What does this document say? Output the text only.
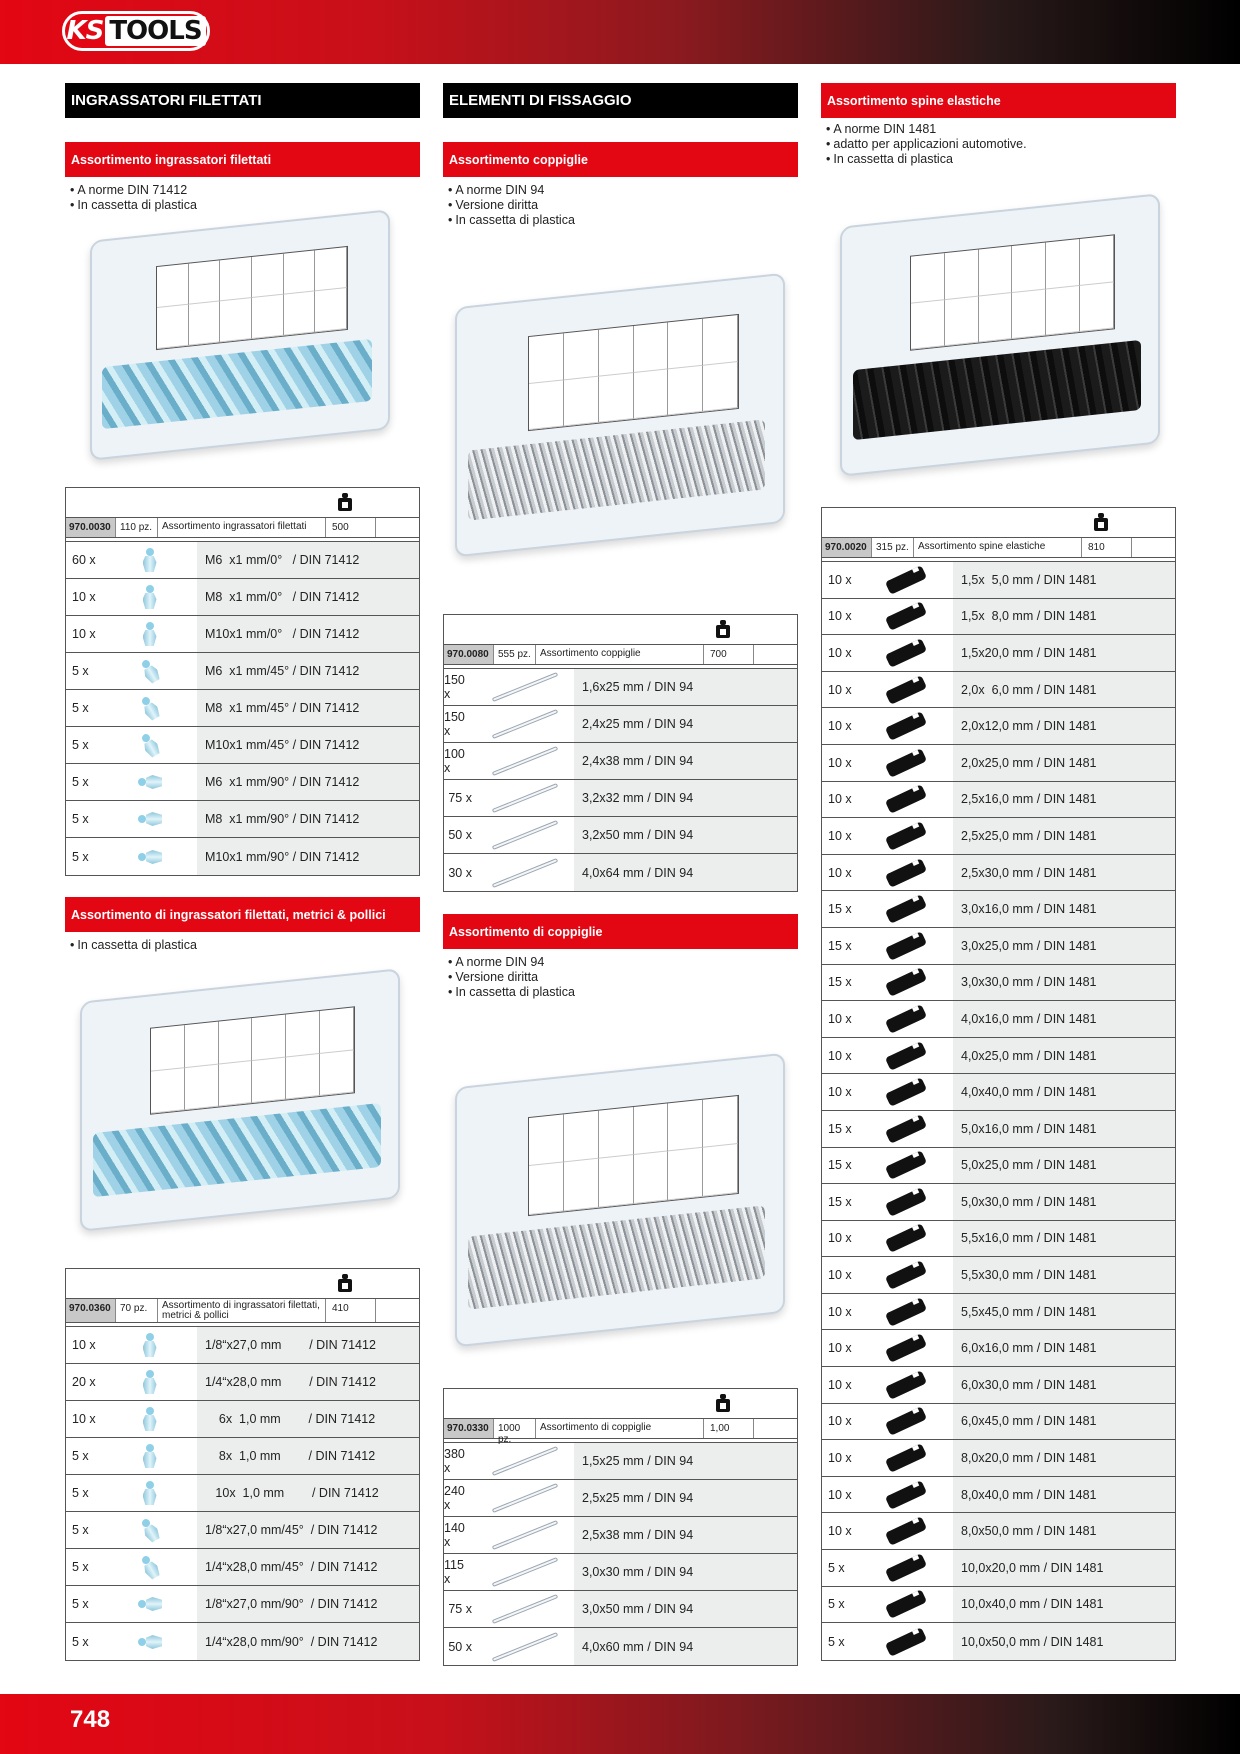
KS TOOLS
INGRASSATORI FILETTATI
Assortimento ingrassatori filettati
• A norme DIN 71412
• In cassetta di plastica
970.0030 110 pz. Assortimento ingrassatori filettati	500
60 x	M6  x1 mm/0°   / DIN 71412
10 x	M8  x1 mm/0°   / DIN 71412
10 x	M10x1 mm/0°   / DIN 71412
5 x	M6  x1 mm/45° / DIN 71412
5 x	M8  x1 mm/45° / DIN 71412
5 x	M10x1 mm/45° / DIN 71412
5 x	M6  x1 mm/90° / DIN 71412
5 x	M8  x1 mm/90° / DIN 71412
5 x	M10x1 mm/90° / DIN 71412
Assortimento di ingrassatori filettati, metrici & pollici
• In cassetta di plastica
970.0360 70 pz.	Assortimento di ingrassatori filettati, metrici & pollici
410
10 x	1/8“x27,0 mm        / DIN 71412
20 x	1/4“x28,0 mm        / DIN 71412
10 x	6x  1,0 mm        / DIN 71412
5 x	8x  1,0 mm        / DIN 71412
5 x	10x  1,0 mm        / DIN 71412
5 x	1/8“x27,0 mm/45°  / DIN 71412
5 x	1/4“x28,0 mm/45°  / DIN 71412
5 x	1/8“x27,0 mm/90°  / DIN 71412
5 x	1/4“x28,0 mm/90°  / DIN 71412
ELEMENTI DI FISSAGGIO
Assortimento coppiglie
• A norme DIN 94
• Versione diritta
• In cassetta di plastica
970.0080 555 pz. Assortimento coppiglie	700
150 x	1,6x25 mm / DIN 94
150 x	2,4x25 mm / DIN 94
100 x	2,4x38 mm / DIN 94
75 x	3,2x32 mm / DIN 94
50 x	3,2x50 mm / DIN 94
30 x	4,0x64 mm / DIN 94
Assortimento di coppiglie
• A norme DIN 94
• Versione diritta
• In cassetta di plastica
970.0330 1000 pz.
Assortimento di coppiglie	1,00
380 x	1,5x25 mm / DIN 94
240 x	2,5x25 mm / DIN 94
140 x	2,5x38 mm / DIN 94
115 x	3,0x30 mm / DIN 94
75 x	3,0x50 mm / DIN 94
50 x	4,0x60 mm / DIN 94
Assortimento spine elastiche
• A norme DIN 1481
• adatto per applicazioni automotive.
• In cassetta di plastica
970.0020 315 pz. Assortimento spine elastiche	810
10 x	1,5x  5,0 mm / DIN 1481
10 x	1,5x  8,0 mm / DIN 1481
10 x	1,5x20,0 mm / DIN 1481
10 x	2,0x  6,0 mm / DIN 1481
10 x	2,0x12,0 mm / DIN 1481
10 x	2,0x25,0 mm / DIN 1481
10 x	2,5x16,0 mm / DIN 1481
10 x	2,5x25,0 mm / DIN 1481
10 x	2,5x30,0 mm / DIN 1481
15 x	3,0x16,0 mm / DIN 1481
15 x	3,0x25,0 mm / DIN 1481
15 x	3,0x30,0 mm / DIN 1481
10 x	4,0x16,0 mm / DIN 1481
10 x	4,0x25,0 mm / DIN 1481
10 x	4,0x40,0 mm / DIN 1481
15 x	5,0x16,0 mm / DIN 1481
15 x	5,0x25,0 mm / DIN 1481
15 x	5,0x30,0 mm / DIN 1481
10 x	5,5x16,0 mm / DIN 1481
10 x	5,5x30,0 mm / DIN 1481
10 x	5,5x45,0 mm / DIN 1481
10 x	6,0x16,0 mm / DIN 1481
10 x	6,0x30,0 mm / DIN 1481
10 x	6,0x45,0 mm / DIN 1481
10 x	8,0x20,0 mm / DIN 1481
10 x	8,0x40,0 mm / DIN 1481
10 x	8,0x50,0 mm / DIN 1481
5 x	10,0x20,0 mm / DIN 1481
5 x	10,0x40,0 mm / DIN 1481
5 x	10,0x50,0 mm / DIN 1481
748
